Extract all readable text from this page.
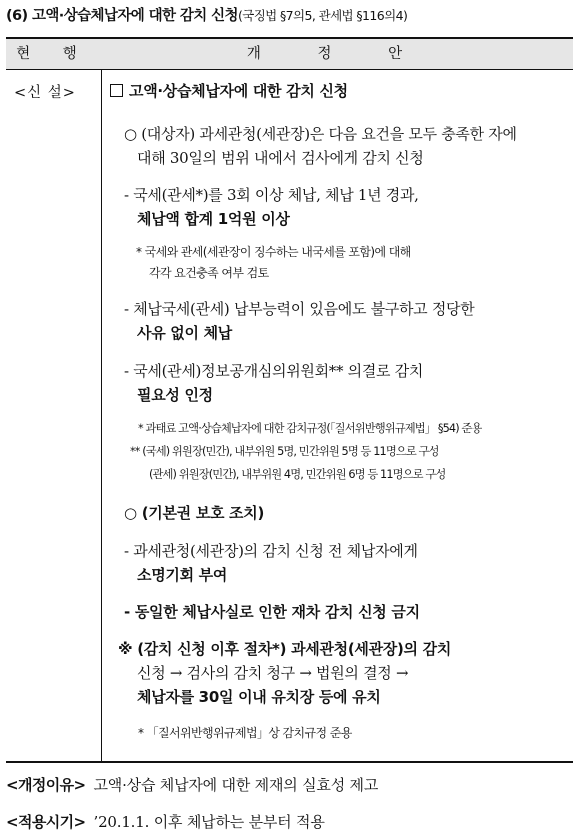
(6) 고액·상습체납자에 대한 감치 신청(국징법 §7의5, 관세법 §116의4)
현 행	개 정 안
<신 설>	고액·상습체납자에 대한 감치 신청
○ (대상자) 과세관청(세관장)은 다음 요건을 모두 충족한 자에
대해 30일의 범위 내에서 검사에게 감치 신청
- 국세(관세*)를 3회 이상 체납, 체납 1년 경과,
체납액 합계 1억원 이상
* 국세와 관세(세관장이 징수하는 내국세를 포함)에 대해
각각 요건충족 여부 검토
- 체납국세(관세) 납부능력이 있음에도 불구하고 정당한
사유 없이 체납
- 국세(관세)정보공개심의위원회** 의결로 감치
필요성 인정
* 과태료 고액·상습체납자에 대한 감치규정(「질서위반행위규제법」 §54) 준용
** (국세) 위원장(민간), 내부위원 5명, 민간위원 5명 등 11명으로 구성
(관세) 위원장(민간), 내부위원 4명, 민간위원 6명 등 11명으로 구성
○ (기본권 보호 조치)
- 과세관청(세관장)의 감치 신청 전 체납자에게
소명기회 부여
- 동일한 체납사실로 인한 재차 감치 신청 금지
※ (감치 신청 이후 절차*) 과세관청(세관장)의 감치
신청 → 검사의 감치 청구 → 법원의 결정 →
체납자를 30일 이내 유치장 등에 유치
* 「질서위반행위규제법」상 감치규정 준용
<개정이유> 고액·상습 체납자에 대한 제재의 실효성 제고
<적용시기> ’20.1.1. 이후 체납하는 분부터 적용
